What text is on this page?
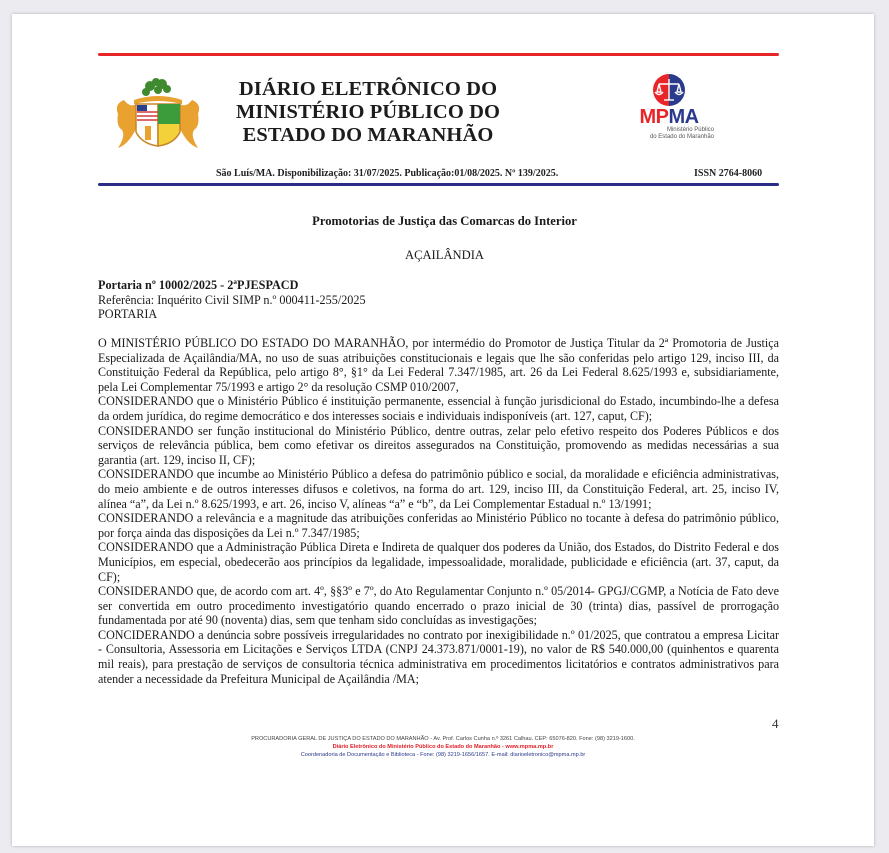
DIÁRIO ELETRÔNICO DO
MINISTÉRIO PÚBLICO DO
ESTADO DO MARANHÃO
MPMA
Ministério Público
do Estado do Maranhão
São Luís/MA. Disponibilização: 31/07/2025. Publicação:01/08/2025. Nº 139/2025.	ISSN 2764-8060
Promotorias de Justiça das Comarcas do Interior
AÇAILÂNDIA
Portaria nº 10002/2025 - 2ªPJESPACD
Referência: Inquérito Civil SIMP n.º 000411-255/2025
PORTARIA

O MINISTÉRIO PÚBLICO DO ESTADO DO MARANHÃO, por intermédio do Promotor de Justiça Titular da 2ª Promotoria de Justiça Especializada de Açailândia/MA, no uso de suas atribuições constitucionais e legais que lhe são conferidas pelo artigo 129, inciso III, da Constituição Federal da República, pelo artigo 8°, §1° da Lei Federal 7.347/1985, art. 26 da Lei Federal 8.625/1993 e, subsidiariamente, pela Lei Complementar 75/1993 e artigo 2° da resolução CSMP 010/2007,

CONSIDERANDO que o Ministério Público é instituição permanente, essencial à função jurisdicional do Estado, incumbindo-lhe a defesa da ordem jurídica, do regime democrático e dos interesses sociais e individuais indisponíveis (art. 127, caput, CF);

CONSIDERANDO ser função institucional do Ministério Público, dentre outras, zelar pelo efetivo respeito dos Poderes Públicos e dos serviços de relevância pública, bem como efetivar os direitos assegurados na Constituição, promovendo as medidas necessárias a sua garantia (art. 129, inciso II, CF);

CONSIDERANDO que incumbe ao Ministério Público a defesa do patrimônio público e social, da moralidade e eficiência administrativas, do meio ambiente e de outros interesses difusos e coletivos, na forma do art. 129, inciso III, da Constituição Federal, art. 25, inciso IV, alínea “a”, da Lei n.º 8.625/1993, e art. 26, inciso V, alíneas “a” e “b”, da Lei Complementar Estadual n.º 13/1991;

CONSIDERANDO a relevância e a magnitude das atribuições conferidas ao Ministério Público no tocante à defesa do patrimônio público, por força ainda das disposições da Lei n.º 7.347/1985;

CONSIDERANDO que a Administração Pública Direta e Indireta de qualquer dos poderes da União, dos Estados, do Distrito Federal e dos Municípios, em especial, obedecerão aos princípios da legalidade, impessoalidade, moralidade, publicidade e eficiência (art. 37, caput, da CF);

CONSIDERANDO que, de acordo com art. 4º, §§3º e 7º, do Ato Regulamentar Conjunto n.º 05/2014- GPGJ/CGMP, a Notícia de Fato deve ser convertida em outro procedimento investigatório quando encerrado o prazo inicial de 30 (trinta) dias, passível de prorrogação fundamentada por até 90 (noventa) dias, sem que tenham sido concluídas as investigações;

CONCIDERANDO a denúncia sobre possíveis irregularidades no contrato por inexigibilidade n.º 01/2025, que contratou a empresa Licitar - Consultoria, Assessoria em Licitações e Serviços LTDA (CNPJ 24.373.871/0001-19), no valor de R$ 540.000,00 (quinhentos e quarenta mil reais), para prestação de serviços de consultoria técnica administrativa em procedimentos licitatórios e contratos administrativos para atender a necessidade da Prefeitura Municipal de Açailândia /MA;

4
PROCURADORIA GERAL DE JUSTIÇA DO ESTADO DO MARANHÃO - Av. Prof. Carlos Cunha n.º 3261 Calhau. CEP: 65076-820. Fone: (98) 3219-1600.
Diário Eletrônico do Ministério Público do Estado do Maranhão - www.mpma.mp.br
Coordenadoria de Documentação e Biblioteca - Fone: (98) 3219-1656/1657. E-mail: diarioeletronico@mpma.mp.br
